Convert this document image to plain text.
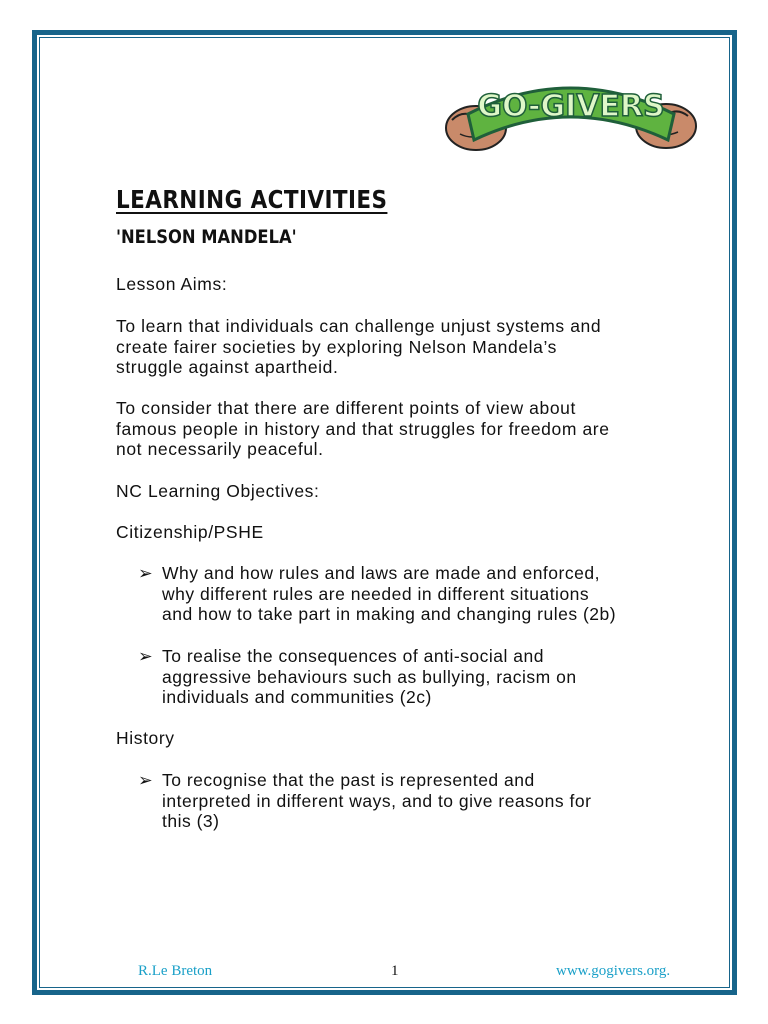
GO-GIVERS
LEARNING ACTIVITIES
'NELSON MANDELA'
Lesson Aims:
To learn that individuals can challenge unjust systems and
create fairer societies by exploring Nelson Mandela’s
struggle against apartheid.
To consider that there are different points of view about
famous people in history and that struggles for freedom are
not necessarily peaceful.
NC Learning Objectives:
Citizenship/PSHE
➢ Why and how rules and laws are made and enforced,
why different rules are needed in different situations
and how to take part in making and changing rules (2b)
➢ To realise the consequences of anti-social and
aggressive behaviours such as bullying, racism on
individuals and communities (2c)
History
➢ To recognise that the past is represented and
interpreted in different ways, and to give reasons for
this (3)
R.Le Breton	1	www.gogivers.org.
